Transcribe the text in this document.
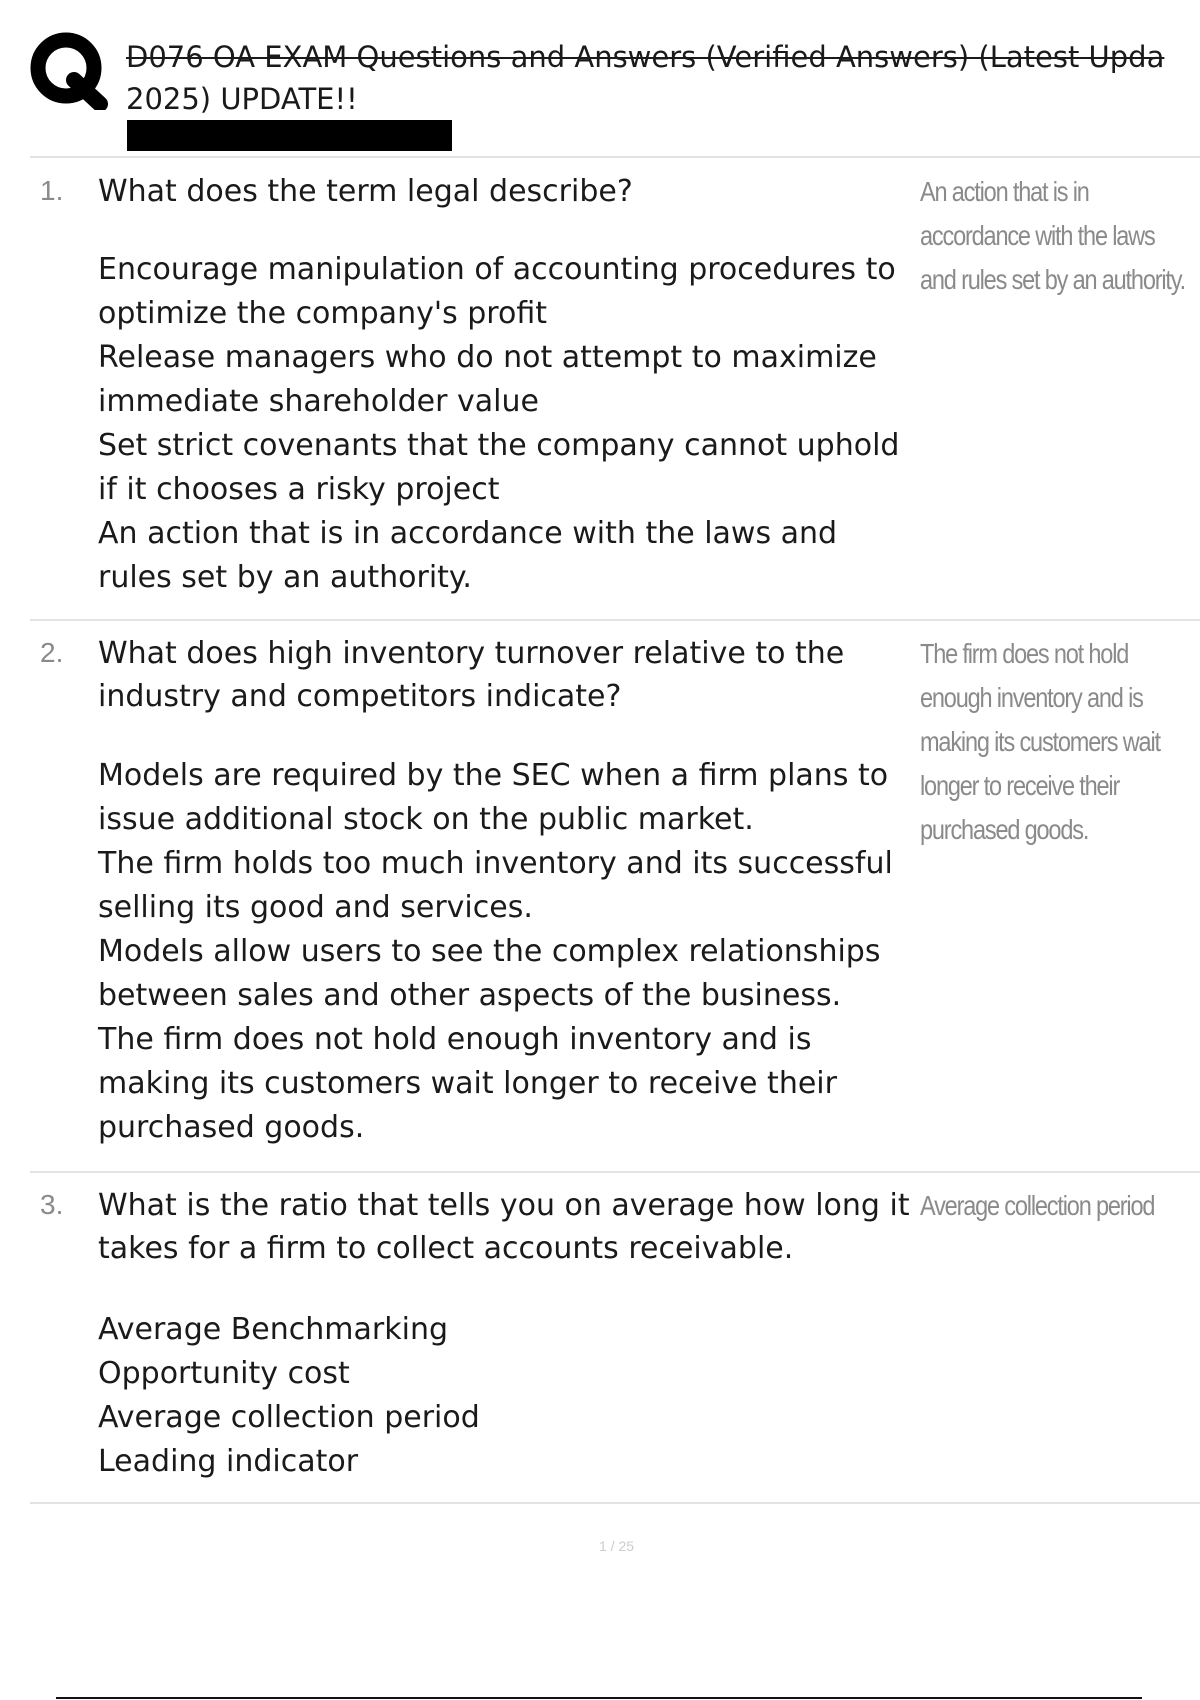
D076 OA EXAM Questions and Answers (Verified Answers) (Latest Upda
2025) UPDATE!!
1. What does the term legal describe?
Encourage manipulation of accounting procedures to optimize the company's profit
Release managers who do not attempt to maximize immediate shareholder value
Set strict covenants that the company cannot uphold if it chooses a risky project
An action that is in accordance with the laws and rules set by an authority.
An action that is in accordance with the laws and rules set by an authority.
2. What does high inventory turnover relative to the industry and competitors indicate?
Models are required by the SEC when a firm plans to issue additional stock on the public market.
The firm holds too much inventory and its successful selling its good and services.
Models allow users to see the complex relationships between sales and other aspects of the business.
The firm does not hold enough inventory and is making its customers wait longer to receive their purchased goods.
The firm does not hold enough inventory and is making its customers wait longer to receive their purchased goods.
3. What is the ratio that tells you on average how long it takes for a firm to collect accounts receivable.
Average Benchmarking
Opportunity cost
Average collection period
Leading indicator
Average collection period
1 / 25
